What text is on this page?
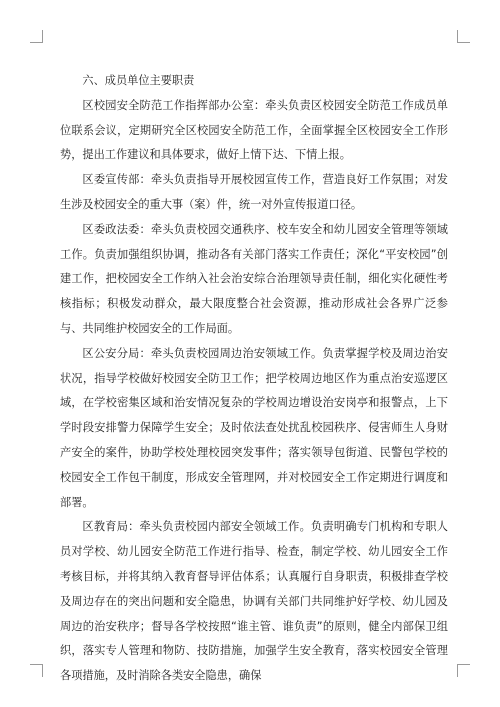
六、成员单位主要职责

区校园安全防范工作指挥部办公室：牵头负责区校园安全防范工作成员单位联系会议，定期研究全区校园安全防范工作，全面掌握全区校园安全工作形势，提出工作建议和具体要求，做好上情下达、下情上报。

区委宣传部：牵头负责指导开展校园宣传工作，营造良好工作氛围；对发生涉及校园安全的重大事（案）件，统一对外宣传报道口径。

区委政法委：牵头负责校园交通秩序、校车安全和幼儿园安全管理等领域工作。负责加强组织协调，推动各有关部门落实工作责任；深化“平安校园”创建工作，把校园安全工作纳入社会治安综合治理领导责任制，细化实化硬性考核指标；积极发动群众，最大限度整合社会资源，推动形成社会各界广泛参与、共同维护校园安全的工作局面。

区公安分局：牵头负责校园周边治安领域工作。负责掌握学校及周边治安状况，指导学校做好校园安全防卫工作；把学校周边地区作为重点治安巡逻区域，在学校密集区域和治安情况复杂的学校周边增设治安岗亭和报警点，上下学时段安排警力保障学生安全；及时依法查处扰乱校园秩序、侵害师生人身财产安全的案件，协助学校处理校园突发事件；落实领导包街道、民警包学校的校园安全工作包干制度，形成安全管理网，并对校园安全工作定期进行调度和部署。

区教育局：牵头负责校园内部安全领域工作。负责明确专门机构和专职人员对学校、幼儿园安全防范工作进行指导、检查，制定学校、幼儿园安全工作考核目标，并将其纳入教育督导评估体系；认真履行自身职责，积极排查学校及周边存在的突出问题和安全隐患，协调有关部门共同维护好学校、幼儿园及周边的治安秩序；督导各学校按照“谁主管、谁负责”的原则，健全内部保卫组织，落实专人管理和物防、技防措施，加强学生安全教育，落实校园安全管理各项措施，及时消除各类安全隐患，确保
